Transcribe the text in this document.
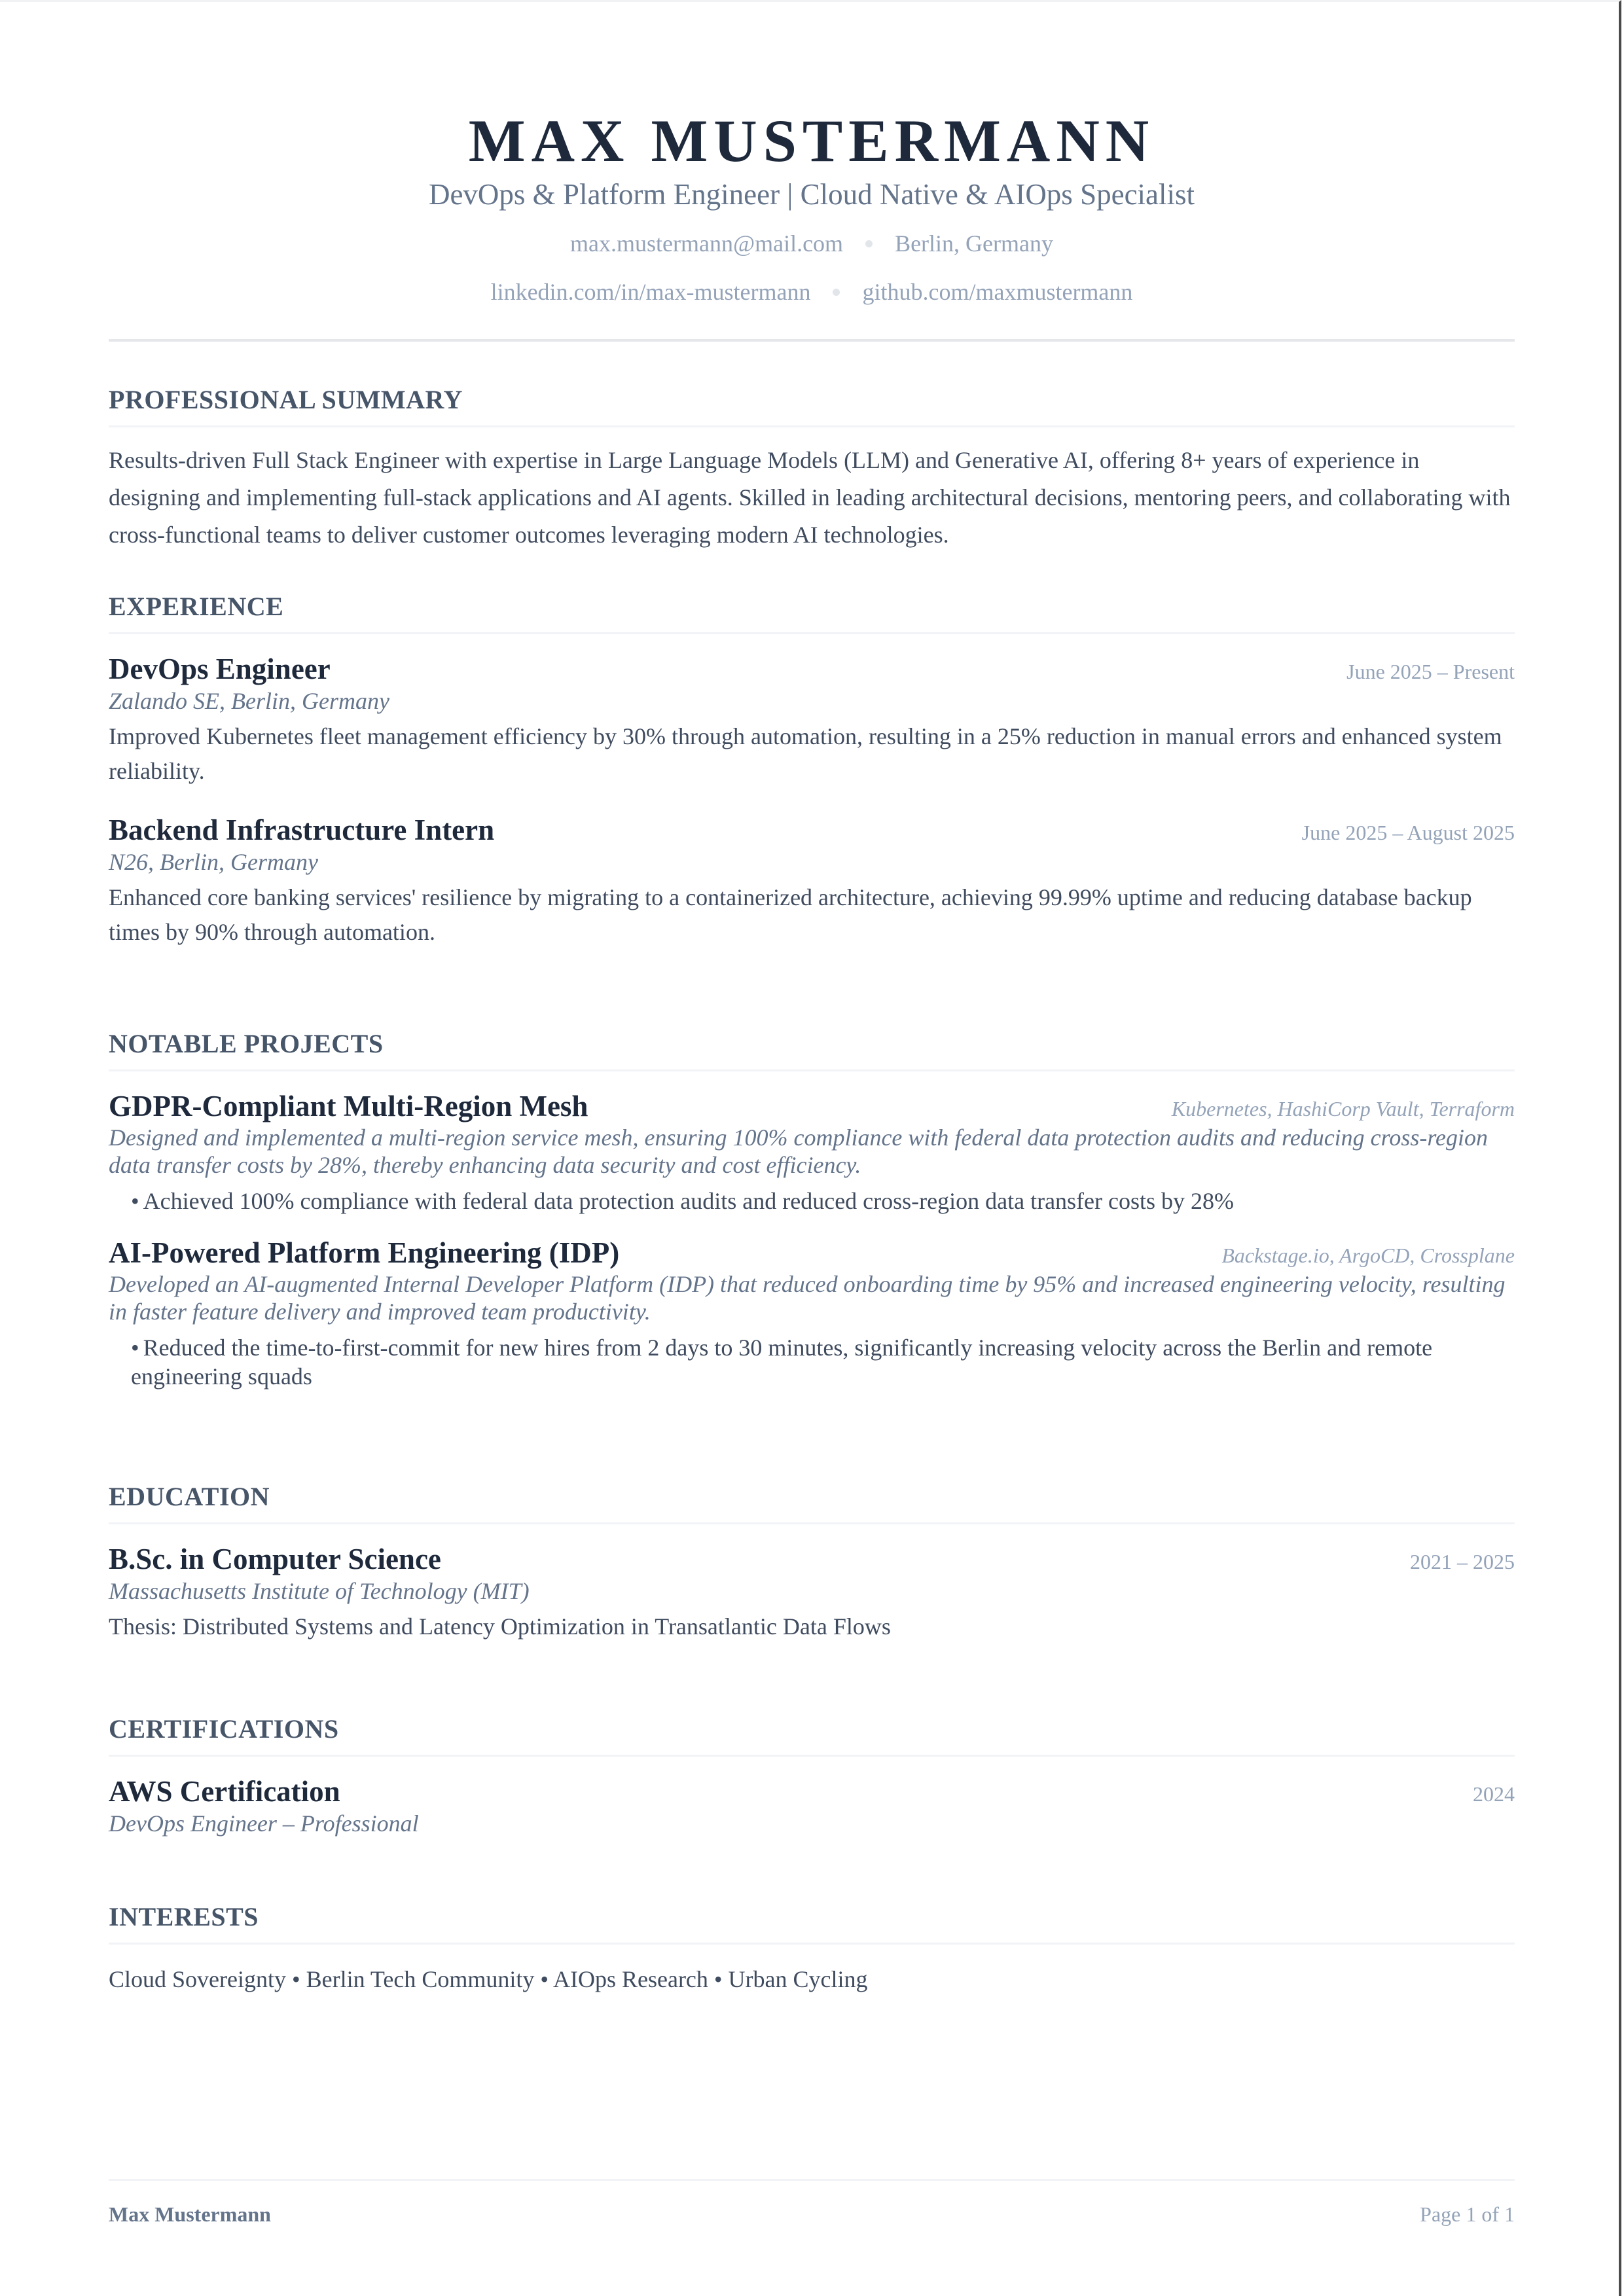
MAX MUSTERMANN
DevOps & Platform Engineer | Cloud Native & AIOps Specialist
max.mustermann@mail.com Berlin, Germany
linkedin.com/in/max-mustermann github.com/maxmustermann
PROFESSIONAL SUMMARY
Results-driven Full Stack Engineer with expertise in Large Language Models (LLM) and Generative AI, offering 8+ years of experience in designing and implementing full-stack applications and AI agents. Skilled in leading architectural decisions, mentoring peers, and collaborating with cross-functional teams to deliver customer outcomes leveraging modern AI technologies.
EXPERIENCE
DevOps Engineer	June 2025 – Present
Zalando SE, Berlin, Germany
Improved Kubernetes fleet management efficiency by 30% through automation, resulting in a 25% reduction in manual errors and enhanced system reliability.
Backend Infrastructure Intern	June 2025 – August 2025
N26, Berlin, Germany
Enhanced core banking services' resilience by migrating to a containerized architecture, achieving 99.99% uptime and reducing database backup times by 90% through automation.
NOTABLE PROJECTS
GDPR-Compliant Multi-Region Mesh	Kubernetes, HashiCorp Vault, Terraform
Designed and implemented a multi-region service mesh, ensuring 100% compliance with federal data protection audits and reducing cross-region data transfer costs by 28%, thereby enhancing data security and cost efficiency.
• Achieved 100% compliance with federal data protection audits and reduced cross-region data transfer costs by 28%
AI-Powered Platform Engineering (IDP)	Backstage.io, ArgoCD, Crossplane
Developed an AI-augmented Internal Developer Platform (IDP) that reduced onboarding time by 95% and increased engineering velocity, resulting in faster feature delivery and improved team productivity.
• Reduced the time-to-first-commit for new hires from 2 days to 30 minutes, significantly increasing velocity across the Berlin and remote engineering squads
EDUCATION
B.Sc. in Computer Science	2021 – 2025
Massachusetts Institute of Technology (MIT)
Thesis: Distributed Systems and Latency Optimization in Transatlantic Data Flows
CERTIFICATIONS
AWS Certification	2024
DevOps Engineer – Professional
INTERESTS
Cloud Sovereignty • Berlin Tech Community • AIOps Research • Urban Cycling
Max Mustermann	Page 1 of 1
